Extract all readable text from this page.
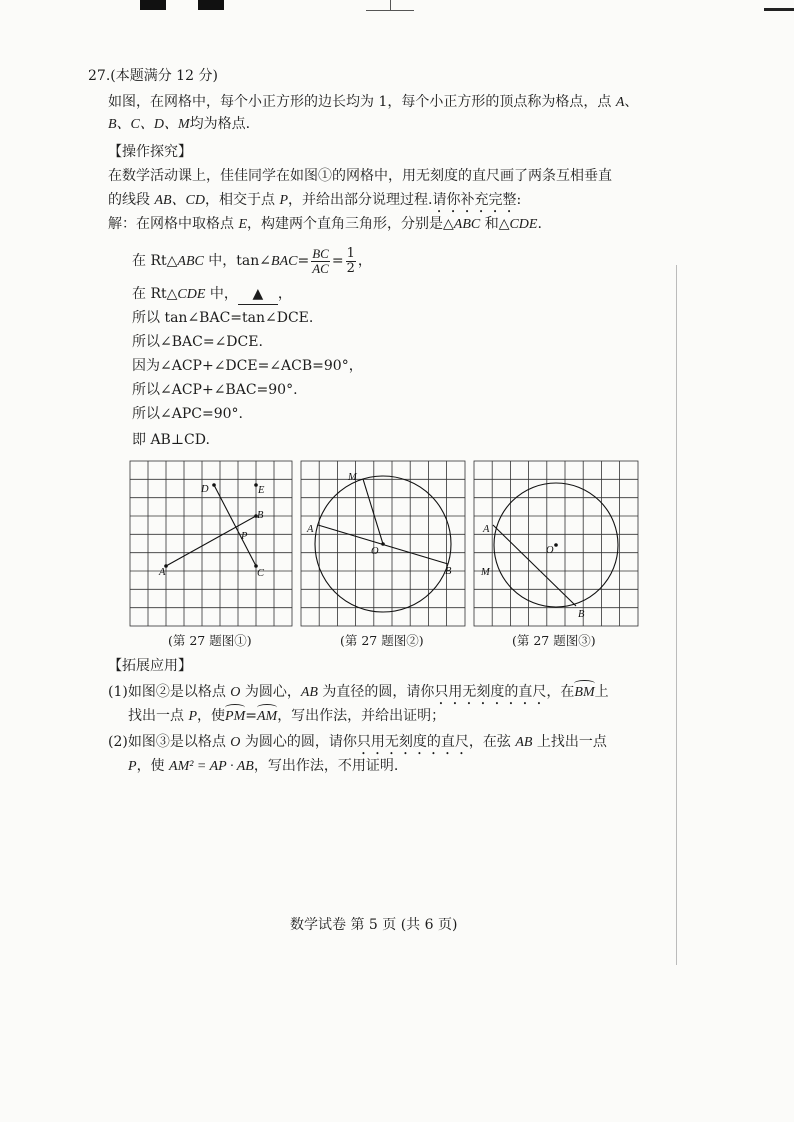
27.(本题满分 12 分)
如图，在网格中，每个小正方形的边长均为 1，每个小正方形的顶点称为格点，点 A、
B、C、D、M均为格点.
【操作探究】
在数学活动课上，佳佳同学在如图①的网格中，用无刻度的直尺画了两条互相垂直
的线段 AB、CD，相交于点 P，并给出部分说理过程.请你补充完整:
解：在网格中取格点 E，构建两个直角三角形，分别是△ABC 和△CDE.
在 Rt△ABC 中，tan∠BAC= $\frac{BC}{AC} = \frac{1}{2}$ ，
在 Rt△CDE 中， ▲ ，
所以 tan∠BAC=tan∠DCE.
所以∠BAC=∠DCE.
因为∠ACP+∠DCE=∠ACB=90°，
所以∠ACP+∠BAC=90°.
所以∠APC=90°.
即 AB⊥CD.
D	E
B
P
A	C
M
A
O
B
A
M
O
B
(第 27 题图①)	(第 27 题图②)	(第 27 题图③)
【拓展应用】
(1)如图②是以格点 O 为圆心，AB 为直径的圆，请你只用无刻度的直尺，在BM上
找出一点 P，使PM=AM，写出作法，并给出证明；
(2)如图③是以格点 O 为圆心的圆，请你只用无刻度的直尺，在弦 AB 上找出一点
P，使 AM² = AP · AB，写出作法，不用证明.
数学试卷 第 5 页 (共 6 页)
